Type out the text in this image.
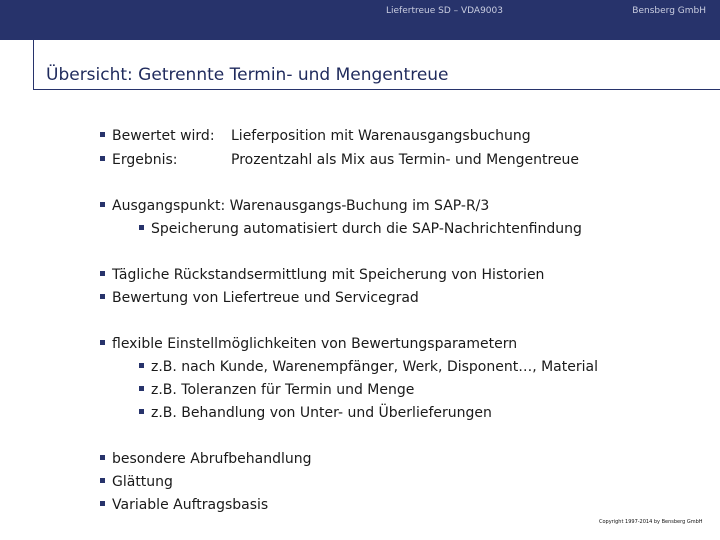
Liefertreue SD – VDA9003	Bensberg GmbH
Übersicht: Getrennte Termin- und Mengentreue
Bewertet wird: Lieferposition mit Warenausgangsbuchung
Ergebnis:	Prozentzahl als Mix aus Termin- und Mengentreue
Ausgangspunkt: Warenausgangs-Buchung im SAP-R/3
Speicherung automatisiert durch die SAP-Nachrichtenfindung
Tägliche Rückstandsermittlung mit Speicherung von Historien
Bewertung von Liefertreue und Servicegrad
flexible Einstellmöglichkeiten von Bewertungsparametern
z.B. nach Kunde, Warenempfänger, Werk, Disponent…, Material
z.B. Toleranzen für Termin und Menge
z.B. Behandlung von Unter- und Überlieferungen
besondere Abrufbehandlung
Glättung
Variable Auftragsbasis
Copyright 1997-2014 by Bensberg GmbH
